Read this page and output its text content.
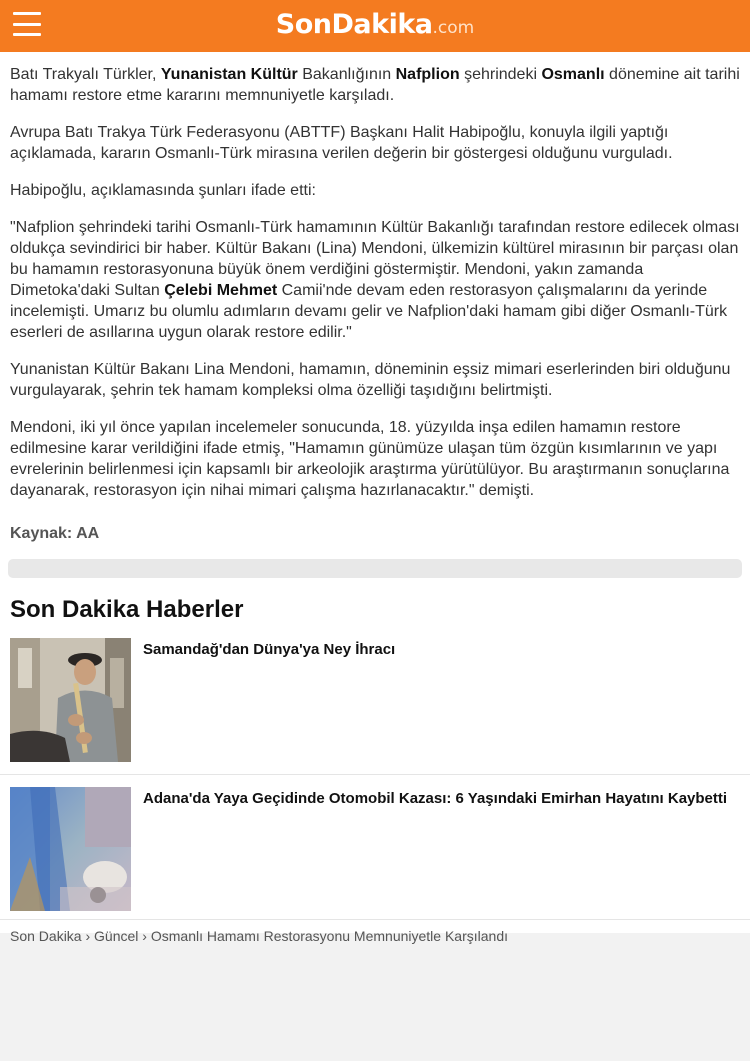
SonDakika.com

Batı Trakyalı Türkler, Yunanistan Kültür Bakanlığının Nafplion şehrindeki Osmanlı dönemine ait tarihi hamamı restore etme kararını memnuniyetle karşıladı.

Avrupa Batı Trakya Türk Federasyonu (ABTTF) Başkanı Halit Habipoğlu, konuyla ilgili yaptığı açıklamada, kararın Osmanlı-Türk mirasına verilen değerin bir göstergesi olduğunu vurguladı.

Habipoğlu, açıklamasında şunları ifade etti:

"Nafplion şehrindeki tarihi Osmanlı-Türk hamamının Kültür Bakanlığı tarafından restore edilecek olması oldukça sevindirici bir haber. Kültür Bakanı (Lina) Mendoni, ülkemizin kültürel mirasının bir parçası olan bu hamamın restorasyonuna büyük önem verdiğini göstermiştir. Mendoni, yakın zamanda Dimetoka'daki Sultan Çelebi Mehmet Camii'nde devam eden restorasyon çalışmalarını da yerinde incelemişti. Umarız bu olumlu adımların devamı gelir ve Nafplion'daki hamam gibi diğer Osmanlı-Türk eserleri de asıllarına uygun olarak restore edilir."

Yunanistan Kültür Bakanı Lina Mendoni, hamamın, döneminin eşsiz mimari eserlerinden biri olduğunu vurgulayarak, şehrin tek hamam kompleksi olma özelliği taşıdığını belirtmişti.

Mendoni, iki yıl önce yapılan incelemeler sonucunda, 18. yüzyılda inşa edilen hamamın restore edilmesine karar verildiğini ifade etmiş, "Hamamın günümüze ulaşan tüm özgün kısımlarının ve yapı evrelerinin belirlenmesi için kapsamlı bir arkeolojik araştırma yürütülüyor. Bu araştırmanın sonuçlarına dayanarak, restorasyon için nihai mimari çalışma hazırlanacaktır." demişti.

Kaynak: AA
Son Dakika Haberler
Samandağ'dan Dünya'ya Ney İhracı
Adana'da Yaya Geçidinde Otomobil Kazası: 6 Yaşındaki Emirhan Hayatını Kaybetti
Son Dakika › Güncel › Osmanlı Hamamı Restorasyonu Memnuniyetle Karşılandı
